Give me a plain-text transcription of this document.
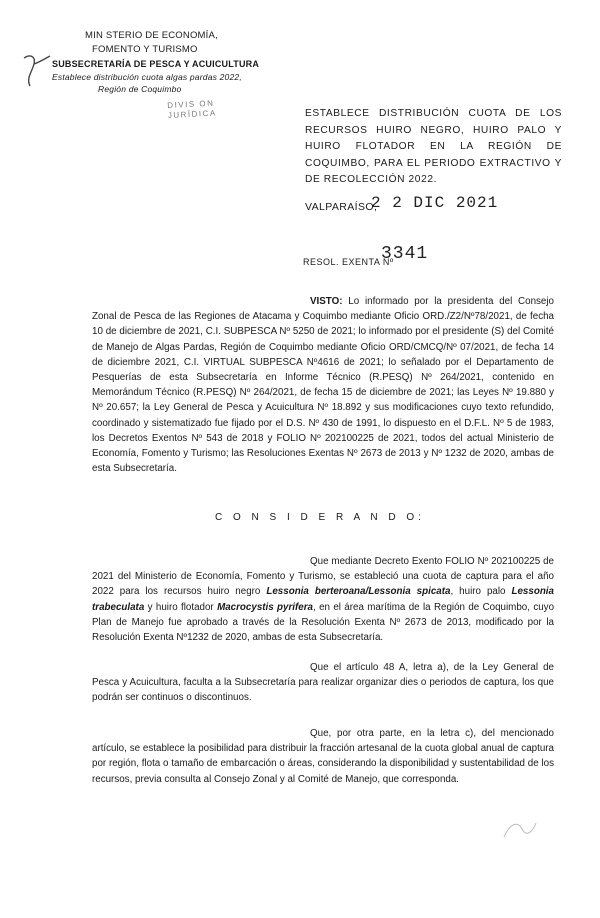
MIN STERIO DE ECONOMÍA,
FOMENTO Y TURISMO
SUBSECRETARÍA DE PESCA Y ACUICULTURA
Establece distribución cuota algas pardas 2022,
Región de Coquimbo
DIVIS ON
JURÍDICA	ESTABLECE DISTRIBUCIÓN CUOTA DE LOS RECURSOS HUIRO NEGRO, HUIRO PALO Y HUIRO FLOTADOR EN LA REGIÓN DE COQUIMBO, PARA EL PERIODO EXTRACTIVO Y DE RECOLECCIÓN 2022.
VALPARAÍSO,
2 2 DIC 2021
RESOL. EXENTA Nº
3341

VISTO: Lo informado por la presidenta del Consejo Zonal de Pesca de las Regiones de Atacama y Coquimbo mediante Oficio ORD./Z2/Nº78/2021, de fecha 10 de diciembre de 2021, C.I. SUBPESCA Nº 5250 de 2021; lo informado por el presidente (S) del Comité de Manejo de Algas Pardas, Región de Coquimbo mediante Oficio ORD/CMCQ/Nº 07/2021, de fecha 14 de diciembre 2021, C.I. VIRTUAL SUBPESCA Nº4616 de 2021; lo señalado por el Departamento de Pesquerías de esta Subsecretaría en Informe Técnico (R.PESQ) Nº 264/2021, contenido en Memorándum Técnico (R.PESQ) Nº 264/2021, de fecha 15 de diciembre de 2021; las Leyes Nº 19.880 y Nº 20.657; la Ley General de Pesca y Acuicultura Nº 18.892 y sus modificaciones cuyo texto refundido, coordinado y sistematizado fue fijado por el D.S. Nº 430 de 1991, lo dispuesto en el D.F.L. Nº 5 de 1983, los Decretos Exentos Nº 543 de 2018 y FOLIO Nº 202100225 de 2021, todos del actual Ministerio de Economía, Fomento y Turismo; las Resoluciones Exentas Nº 2673 de 2013 y Nº 1232 de 2020, ambas de esta Subsecretaría.

C O N S I D E R A N D O:

Que mediante Decreto Exento FOLIO Nº 202100225 de 2021 del Ministerio de Economía, Fomento y Turismo, se estableció una cuota de captura para el año 2022 para los recursos huiro negro Lessonia berteroana/Lessonia spicata, huiro palo Lessonia trabeculata y huiro flotador Macrocystis pyrifera, en el área marítima de la Región de Coquimbo, cuyo Plan de Manejo fue aprobado a través de la Resolución Exenta Nº 2673 de 2013, modificado por la Resolución Exenta Nº1232 de 2020, ambas de esta Subsecretaría.

Que el artículo 48 A, letra a), de la Ley General de Pesca y Acuicultura, faculta a la Subsecretaría para realizar organizar dies o periodos de captura, los que podrán ser continuos o discontinuos.

Que, por otra parte, en la letra c), del mencionado artículo, se establece la posibilidad para distribuir la fracción artesanal de la cuota global anual de captura por región, flota o tamaño de embarcación o áreas, considerando la disponibilidad y sustentabilidad de los recursos, previa consulta al Consejo Zonal y al Comité de Manejo, que corresponda.
